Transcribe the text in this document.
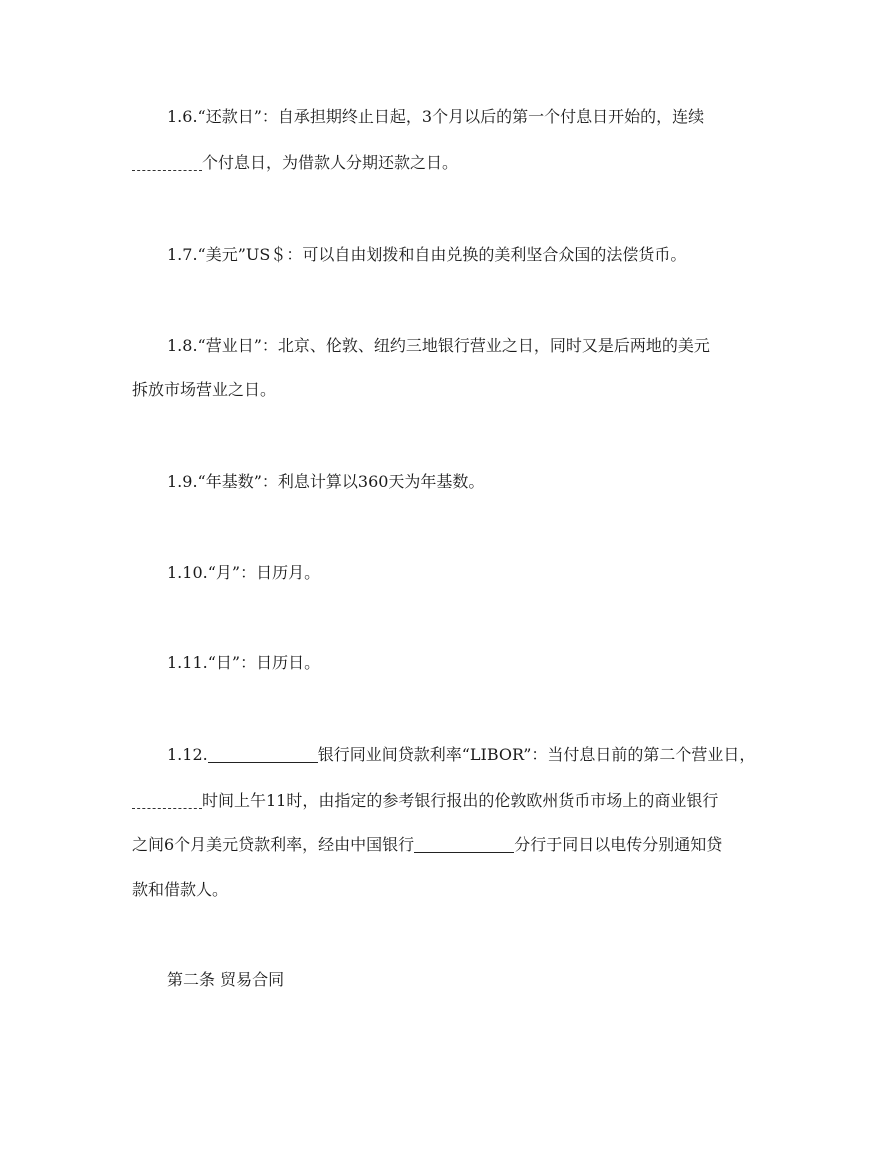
1.6.“还款日”：自承担期终止日起，3个月以后的第一个付息日开始的，连续
个付息日，为借款人分期还款之日。
1.7.“美元”US＄：可以自由划拨和自由兑换的美利坚合众国的法偿货币。
1.8.“营业日”：北京、伦敦、纽约三地银行营业之日，同时又是后两地的美元
拆放市场营业之日。
1.9.“年基数”：利息计算以360天为年基数。
1.10.“月”：日历月。
1.11.“日”：日历日。
1.12.	银行同业间贷款利率“LIBOR”：当付息日前的第二个营业日，
时间上午11时，由指定的参考银行报出的伦敦欧州货币市场上的商业银行
之间6个月美元贷款利率，经由中国银行	分行于同日以电传分别通知贷
款和借款人。
第二条 贸易合同
